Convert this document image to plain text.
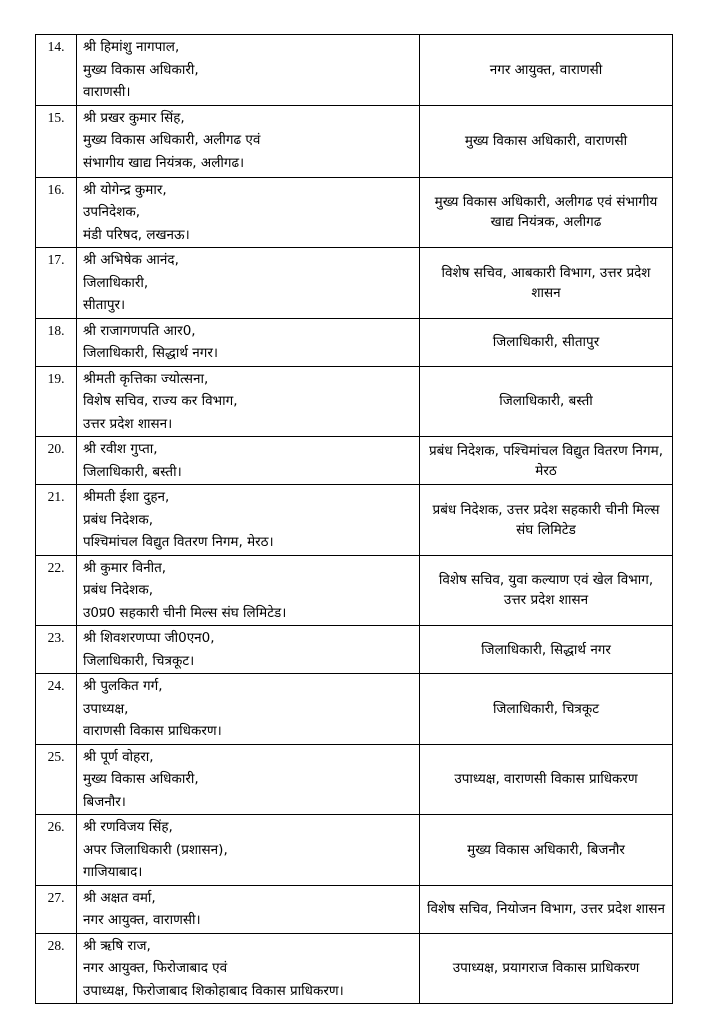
14.	श्री हिमांशु नागपाल,
मुख्य विकास अधिकारी,
वाराणसी।	नगर आयुक्त, वाराणसी
15.	श्री प्रखर कुमार सिंह,
मुख्य विकास अधिकारी, अलीगढ एवं
संभागीय खाद्य नियंत्रक, अलीगढ।	मुख्य विकास अधिकारी, वाराणसी
16.	श्री योगेन्द्र कुमार,
उपनिदेशक,
मंडी परिषद, लखनऊ।	मुख्य विकास अधिकारी, अलीगढ एवं संभागीय खाद्य नियंत्रक, अलीगढ
17.	श्री अभिषेक आनंद,
जिलाधिकारी,
सीतापुर।	विशेष सचिव, आबकारी विभाग, उत्तर प्रदेश शासन
18.	श्री राजागणपति आर0,
जिलाधिकारी, सिद्धार्थ नगर।	जिलाधिकारी, सीतापुर
19.	श्रीमती कृत्तिका ज्योत्सना,
विशेष सचिव, राज्य कर विभाग,
उत्तर प्रदेश शासन।	जिलाधिकारी, बस्ती
20.	श्री रवीश गुप्ता,
जिलाधिकारी, बस्ती।	प्रबंध निदेशक, पश्चिमांचल विद्युत वितरण निगम, मेरठ
21.	श्रीमती ईशा दुहन,
प्रबंध निदेशक,
पश्चिमांचल विद्युत वितरण निगम, मेरठ।	प्रबंध निदेशक, उत्तर प्रदेश सहकारी चीनी मिल्स संघ लिमिटेड
22.	श्री कुमार विनीत,
प्रबंध निदेशक,
उ0प्र0 सहकारी चीनी मिल्स संघ लिमिटेड।	विशेष सचिव, युवा कल्याण एवं खेल विभाग, उत्तर प्रदेश शासन
23.	श्री शिवशरणप्पा जी0एन0,
जिलाधिकारी, चित्रकूट।	जिलाधिकारी, सिद्धार्थ नगर
24.	श्री पुलकित गर्ग,
उपाध्यक्ष,
वाराणसी विकास प्राधिकरण।	जिलाधिकारी, चित्रकूट
25.	श्री पूर्ण वोहरा,
मुख्य विकास अधिकारी,
बिजनौर।	उपाध्यक्ष, वाराणसी विकास प्राधिकरण
26.	श्री रणविजय सिंह,
अपर जिलाधिकारी (प्रशासन),
गाजियाबाद।	मुख्य विकास अधिकारी, बिजनौर
27.	श्री अक्षत वर्मा,
नगर आयुक्त, वाराणसी।	विशेष सचिव, नियोजन विभाग, उत्तर प्रदेश शासन
28.	श्री ऋषि राज,
नगर आयुक्त, फिरोजाबाद एवं
उपाध्यक्ष, फिरोजाबाद शिकोहाबाद विकास प्राधिकरण।	उपाध्यक्ष, प्रयागराज विकास प्राधिकरण
